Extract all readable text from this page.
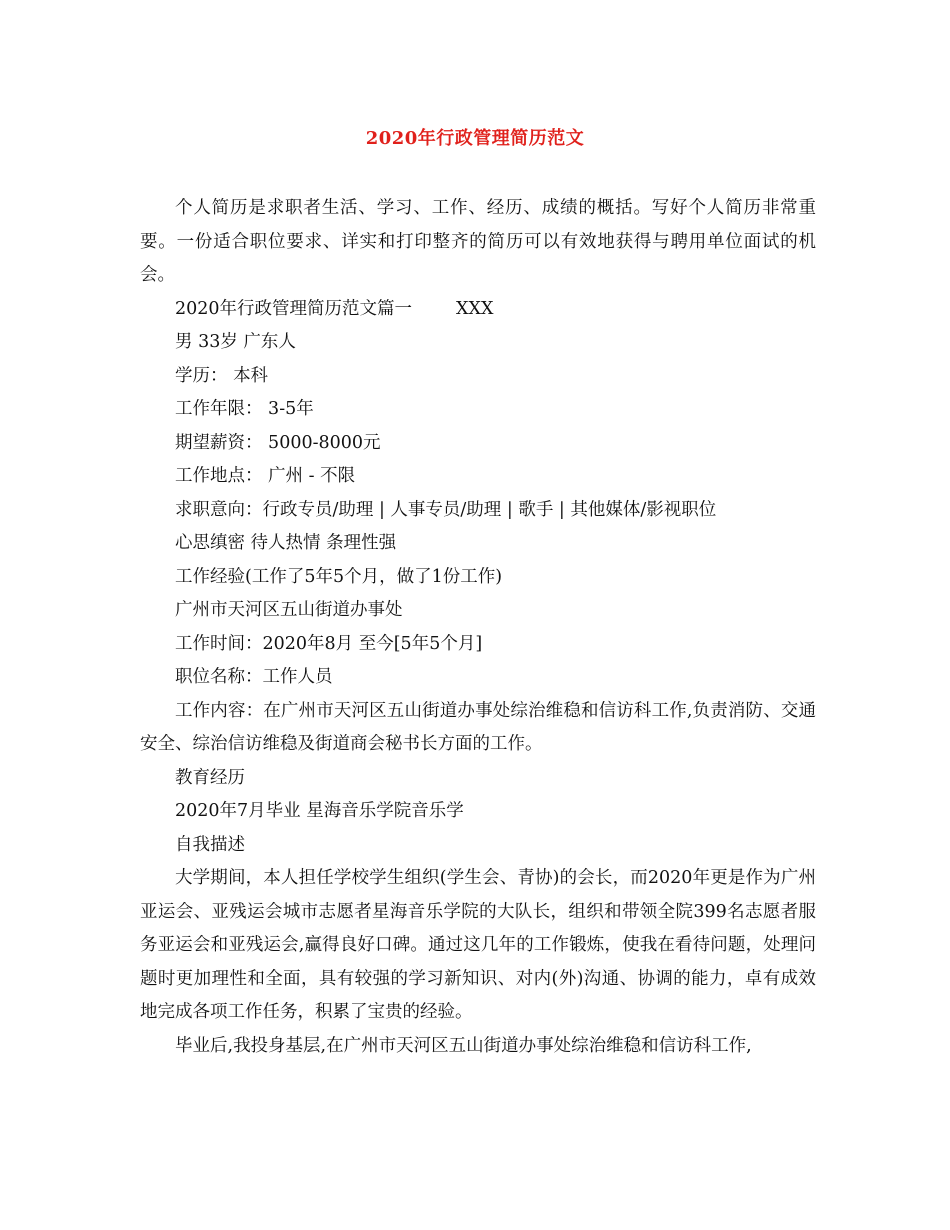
2020年行政管理简历范文

个人简历是求职者生活、学习、工作、经历、成绩的概括。写好个人简历非常重要。一份适合职位要求、详实和打印整齐的简历可以有效地获得与聘用单位面试的机会。

2020年行政管理简历范文篇一	XXX
男 33岁 广东人
学历： 本科
工作年限： 3-5年
期望薪资： 5000-8000元
工作地点： 广州 - 不限
求职意向：行政专员/助理 | 人事专员/助理 | 歌手 | 其他媒体/影视职位
心思缜密 待人热情 条理性强
工作经验(工作了5年5个月，做了1份工作)
广州市天河区五山街道办事处
工作时间：2020年8月 至今[5年5个月]
职位名称：工作人员

工作内容：在广州市天河区五山街道办事处综治维稳和信访科工作,负责消防、交通安全、综治信访维稳及街道商会秘书长方面的工作。

教育经历
2020年7月毕业 星海音乐学院音乐学
自我描述

大学期间，本人担任学校学生组织(学生会、青协)的会长，而2020年更是作为广州亚运会、亚残运会城市志愿者星海音乐学院的大队长，组织和带领全院399名志愿者服务亚运会和亚残运会,赢得良好口碑。通过这几年的工作锻炼，使我在看待问题，处理问题时更加理性和全面，具有较强的学习新知识、对内(外)沟通、协调的能力，卓有成效地完成各项工作任务，积累了宝贵的经验。

毕业后,我投身基层,在广州市天河区五山街道办事处综治维稳和信访科工作,
